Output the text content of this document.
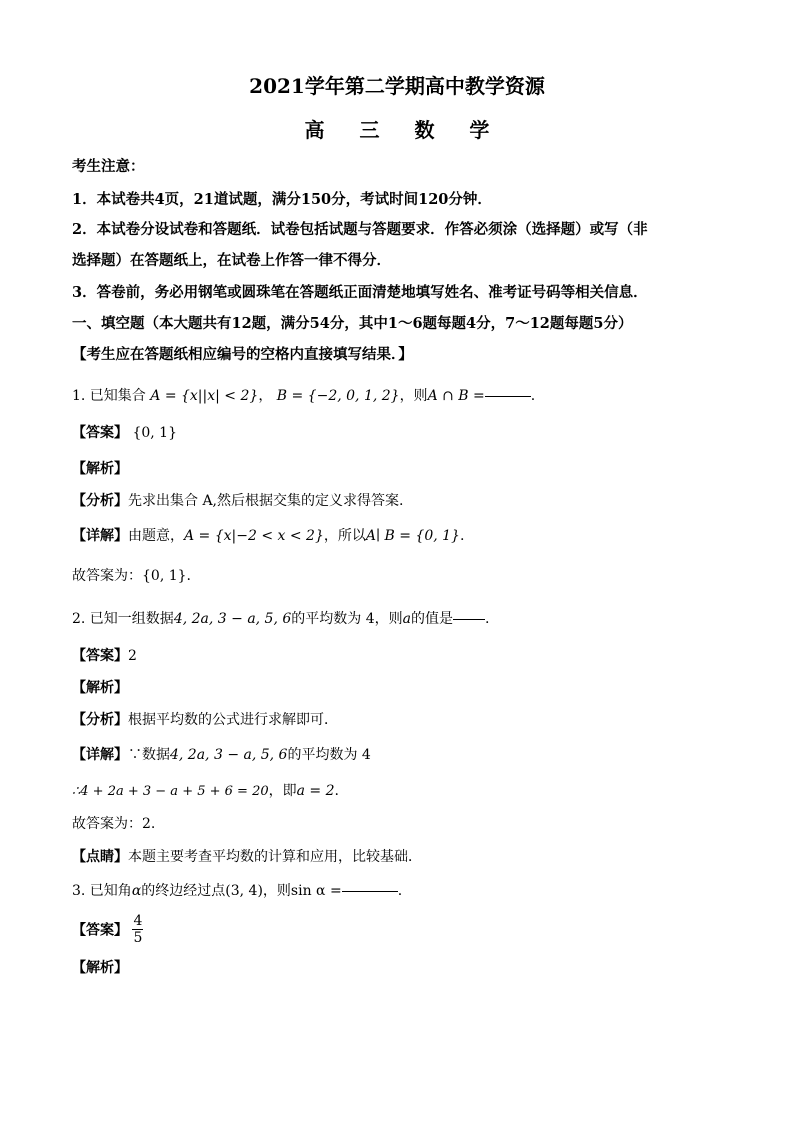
2021学年第二学期高中教学资源
高 三 数 学
考生注意：
1．本试卷共4页，21道试题，满分150分，考试时间120分钟．
2．本试卷分设试卷和答题纸．试卷包括试题与答题要求．作答必须涂（选择题）或写（非
选择题）在答题纸上，在试卷上作答一律不得分．
3．答卷前，务必用钢笔或圆珠笔在答题纸正面清楚地填写姓名、准考证号码等相关信息．
一、填空题（本大题共有12题，满分54分，其中1～6题每题4分，7～12题每题5分）
【考生应在答题纸相应编号的空格内直接填写结果．】
1. 已知集合 A = {x||x| < 2}， B = {−2, 0, 1, 2}，则A ∩ B =	.
【答案】 {0, 1}
【解析】
【分析】先求出集合 A,然后根据交集的定义求得答案.
【详解】由题意，A = {x|−2 < x < 2}，所以A∣ B = {0, 1}.
故答案为：{0, 1}.
2. 已知一组数据4, 2a, 3 − a, 5, 6的平均数为 4，则a的值是 .
【答案】2
【解析】
【分析】根据平均数的公式进行求解即可．
【详解】∵数据4, 2a, 3 − a, 5, 6的平均数为 4
∴4 + 2a + 3 − a + 5 + 6 = 20，即a = 2.
故答案为：2.
【点睛】本题主要考查平均数的计算和应用，比较基础．
3. 已知角α的终边经过点(3, 4)，则sin α =	.
【答案】 $\frac{4}{5}$
【解析】
